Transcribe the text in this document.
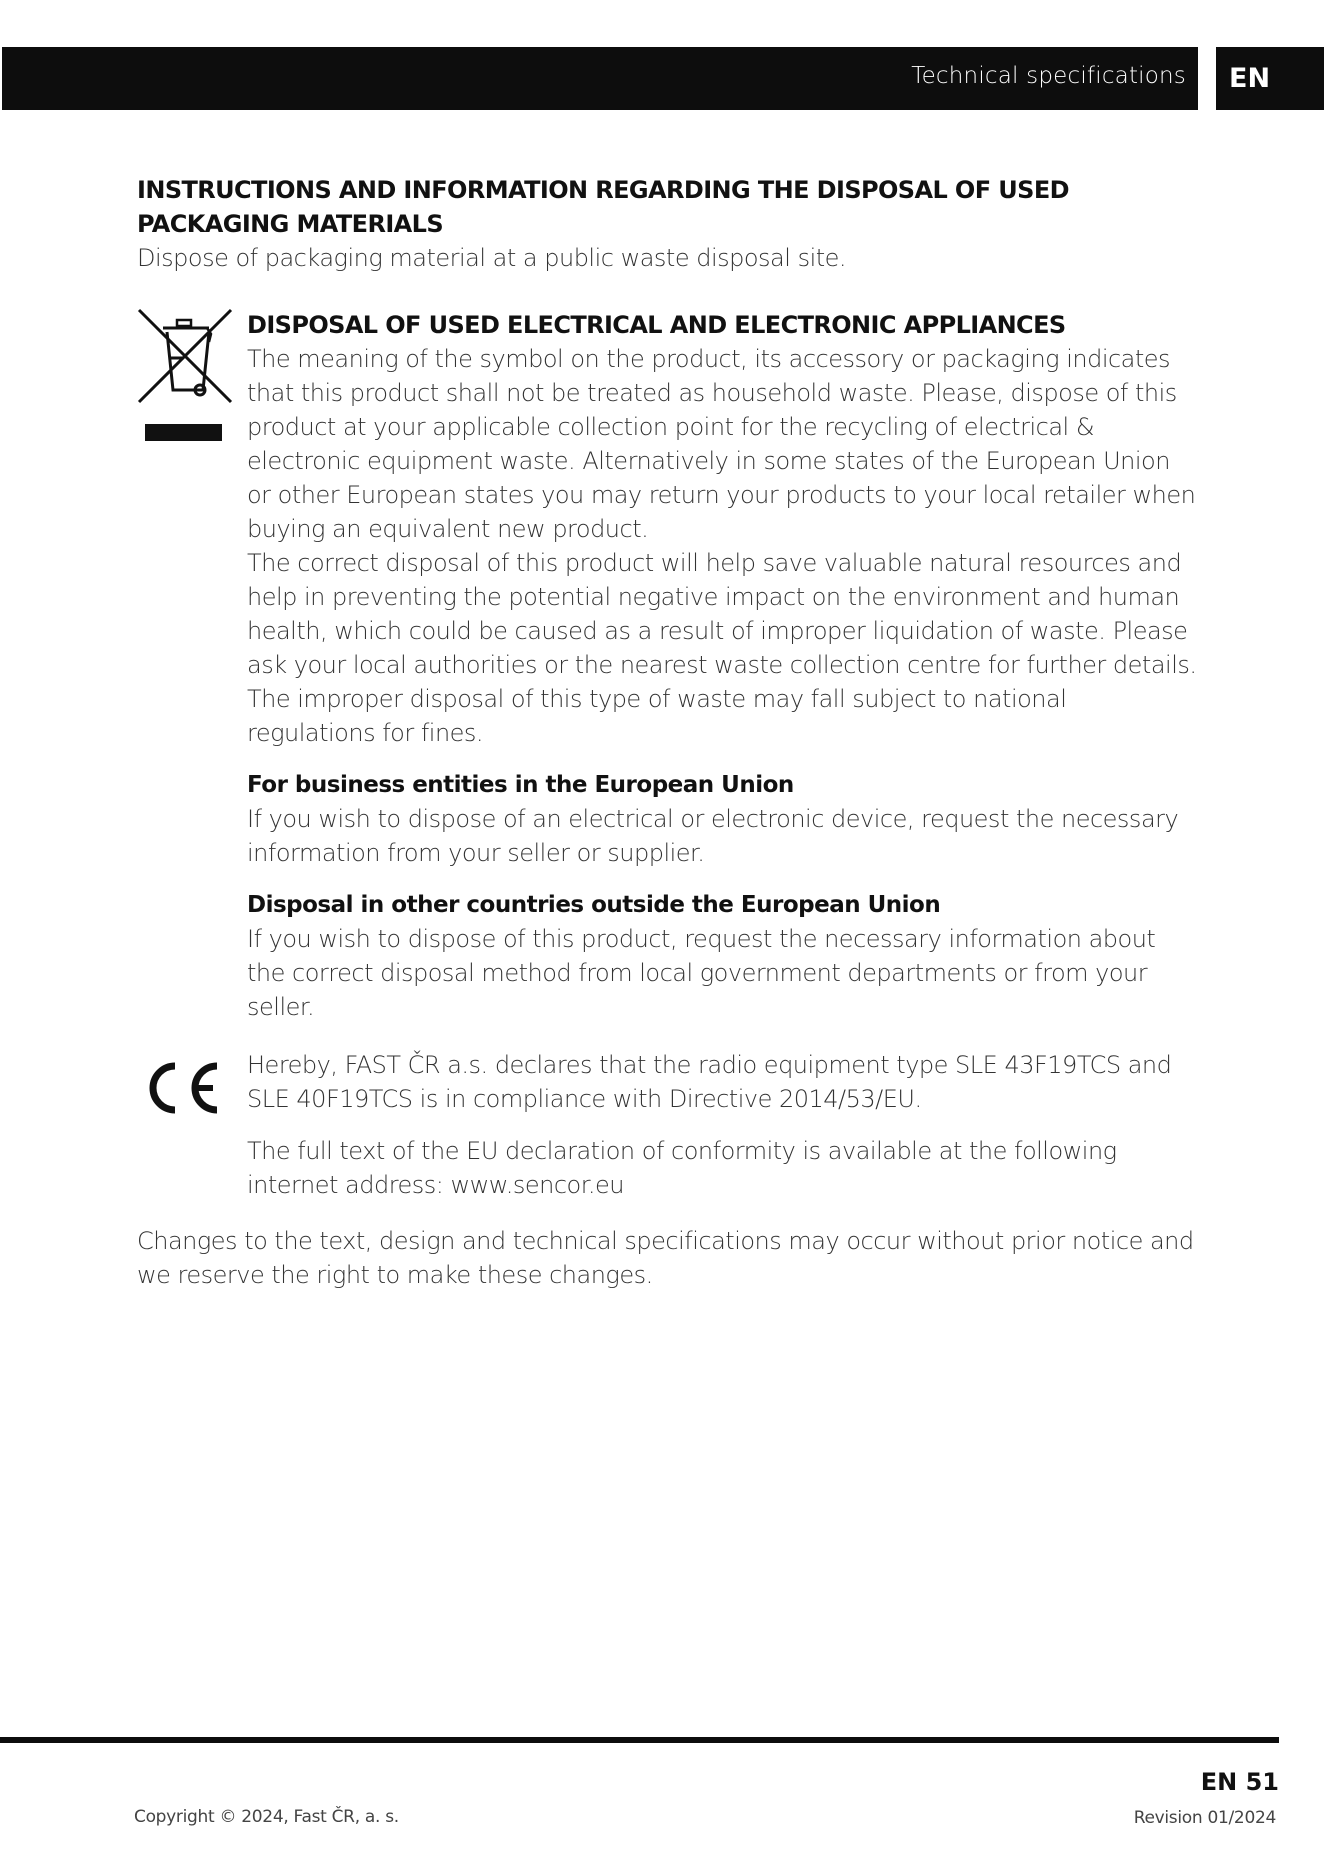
Technical specifications	EN

INSTRUCTIONS AND INFORMATION REGARDING THE DISPOSAL OF USED PACKAGING MATERIALS

Dispose of packaging material at a public waste disposal site.

DISPOSAL OF USED ELECTRICAL AND ELECTRONIC APPLIANCES

The meaning of the symbol on the product, its accessory or packaging indicates that this product shall not be treated as household waste. Please, dispose of this product at your applicable collection point for the recycling of electrical & electronic equipment waste. Alternatively in some states of the European Union or other European states you may return your products to your local retailer when buying an equivalent new product.

The correct disposal of this product will help save valuable natural resources and help in preventing the potential negative impact on the environment and human health, which could be caused as a result of improper liquidation of waste. Please ask your local authorities or the nearest waste collection centre for further details. The improper disposal of this type of waste may fall subject to national regulations for fines.

For business entities in the European Union

If you wish to dispose of an electrical or electronic device, request the necessary information from your seller or supplier.

Disposal in other countries outside the European Union

If you wish to dispose of this product, request the necessary information about the correct disposal method from local government departments or from your seller.

Hereby, FAST ČR a.s. declares that the radio equipment type SLE 43F19TCS and SLE 40F19TCS is in compliance with Directive 2014/53/EU.

The full text of the EU declaration of conformity is available at the following internet address: www.sencor.eu

Changes to the text, design and technical specifications may occur without prior notice and we reserve the right to make these changes.

EN 51
Copyright © 2024, Fast ČR, a. s.	Revision 01/2024
